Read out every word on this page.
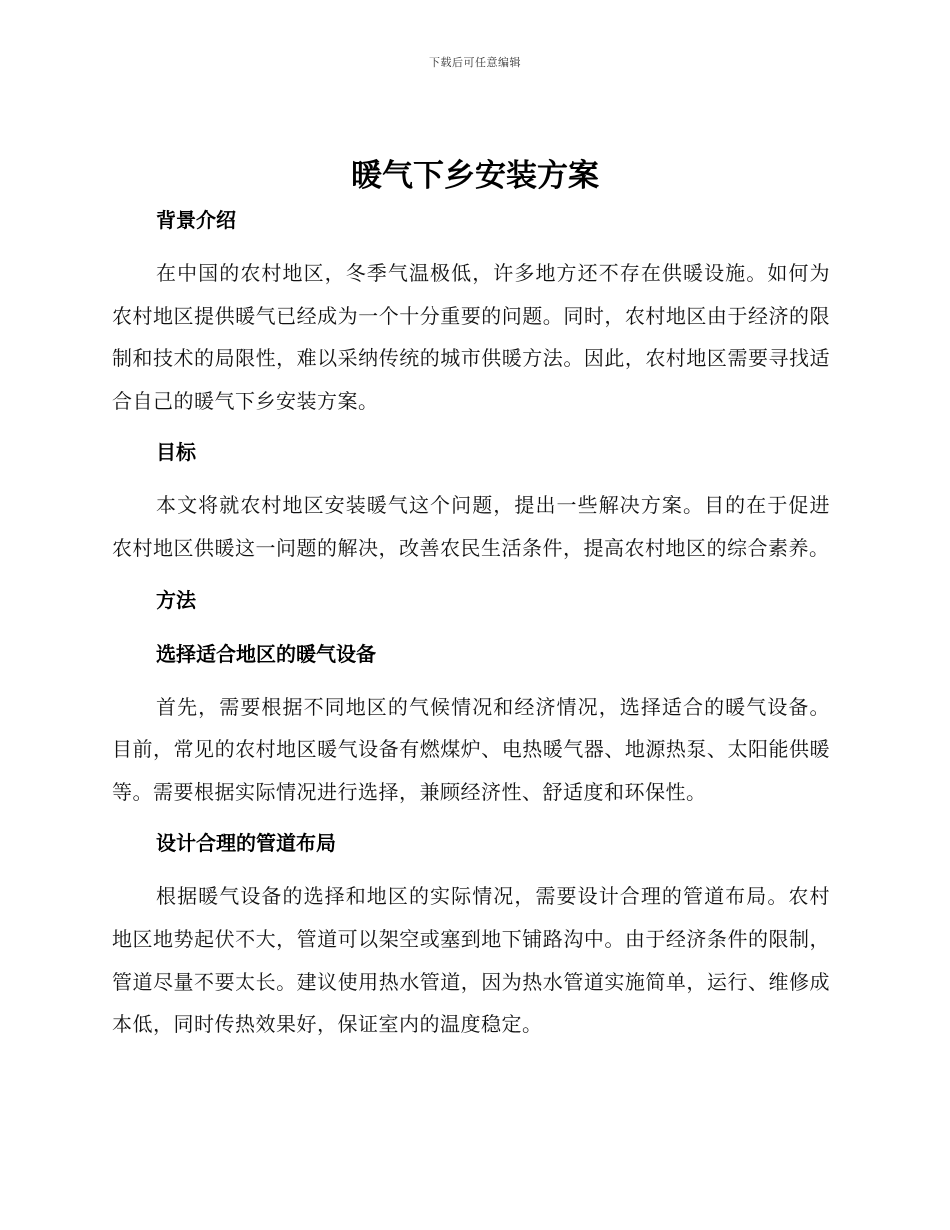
下载后可任意编辑
暖气下乡安装方案
背景介绍

在中国的农村地区，冬季气温极低，许多地方还不存在供暖设施。如何为农村地区提供暖气已经成为一个十分重要的问题。同时，农村地区由于经济的限制和技术的局限性，难以采纳传统的城市供暖方法。因此，农村地区需要寻找适合自己的暖气下乡安装方案。

目标

本文将就农村地区安装暖气这个问题，提出一些解决方案。目的在于促进农村地区供暖这一问题的解决，改善农民生活条件，提高农村地区的综合素养。

方法
选择适合地区的暖气设备

首先，需要根据不同地区的气候情况和经济情况，选择适合的暖气设备。目前，常见的农村地区暖气设备有燃煤炉、电热暖气器、地源热泵、太阳能供暖等。需要根据实际情况进行选择，兼顾经济性、舒适度和环保性。

设计合理的管道布局

根据暖气设备的选择和地区的实际情况，需要设计合理的管道布局。农村地区地势起伏不大，管道可以架空或塞到地下铺路沟中。由于经济条件的限制，管道尽量不要太长。建议使用热水管道，因为热水管道实施简单，运行、维修成本低，同时传热效果好，保证室内的温度稳定。
